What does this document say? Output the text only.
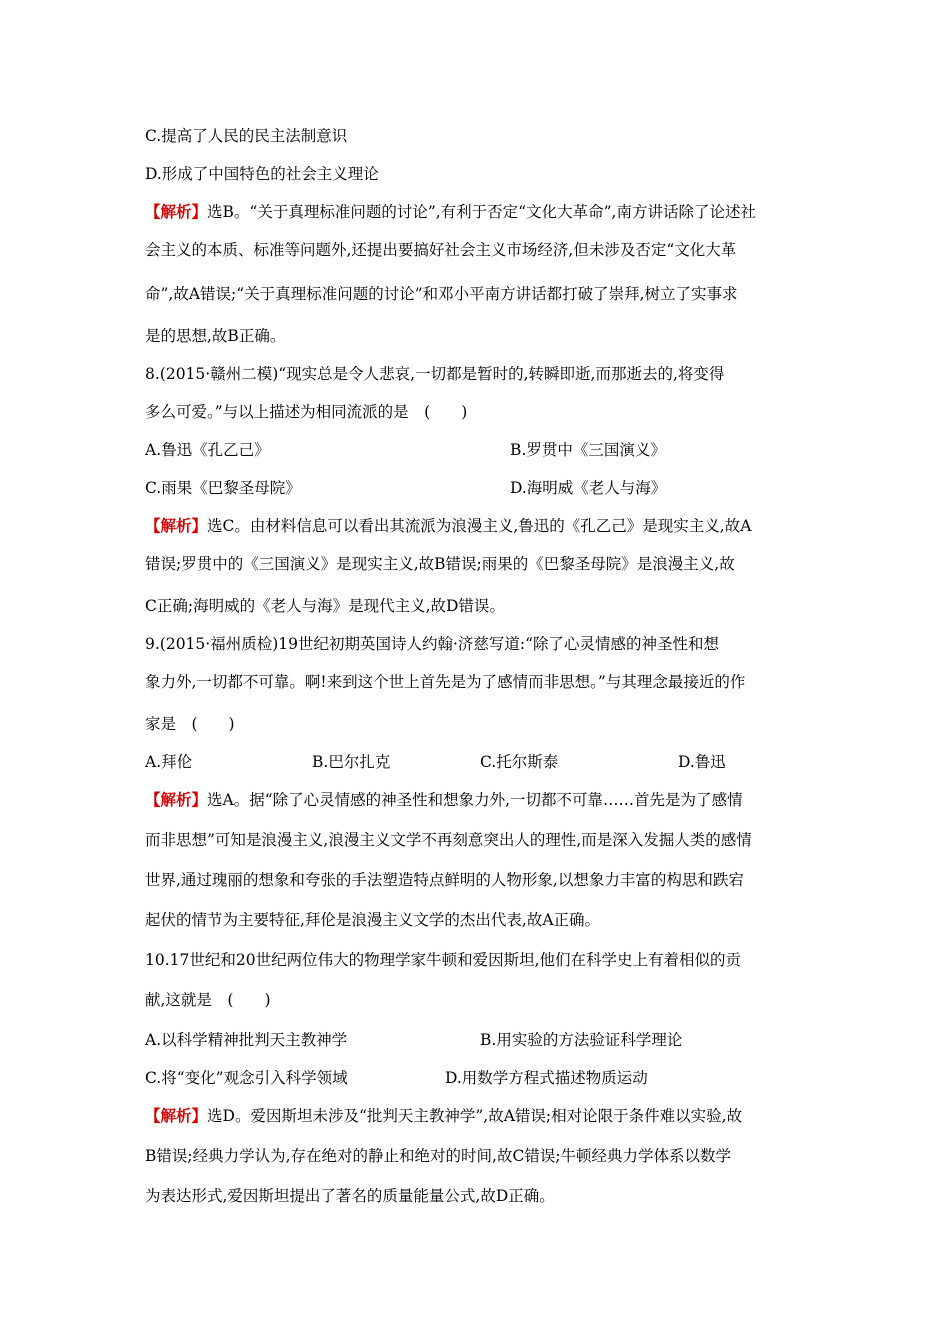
C.提高了人民的民主法制意识
D.形成了中国特色的社会主义理论
【解析】选B。“关于真理标准问题的讨论”,有利于否定“文化大革命”,南方讲话除了论述社
会主义的本质、标准等问题外,还提出要搞好社会主义市场经济,但未涉及否定“文化大革
命”,故A错误;“关于真理标准问题的讨论”和邓小平南方讲话都打破了崇拜,树立了实事求
是的思想,故B正确。
8.(2015·赣州二模)“现实总是令人悲哀,一切都是暂时的,转瞬即逝,而那逝去的,将变得
多么可爱。”与以上描述为相同流派的是　(　　)
A.鲁迅《孔乙己》	B.罗贯中《三国演义》
C.雨果《巴黎圣母院》	D.海明威《老人与海》
【解析】选C。由材料信息可以看出其流派为浪漫主义,鲁迅的《孔乙己》是现实主义,故A
错误;罗贯中的《三国演义》是现实主义,故B错误;雨果的《巴黎圣母院》是浪漫主义,故
C正确;海明威的《老人与海》是现代主义,故D错误。
9.(2015·福州质检)19世纪初期英国诗人约翰·济慈写道:“除了心灵情感的神圣性和想
象力外,一切都不可靠。啊!来到这个世上首先是为了感情而非思想。”与其理念最接近的作
家是　(　　)
A.拜伦	B.巴尔扎克	C.托尔斯泰	D.鲁迅
【解析】选A。据“除了心灵情感的神圣性和想象力外,一切都不可靠……首先是为了感情
而非思想”可知是浪漫主义,浪漫主义文学不再刻意突出人的理性,而是深入发掘人类的感情
世界,通过瑰丽的想象和夸张的手法塑造特点鲜明的人物形象,以想象力丰富的构思和跌宕
起伏的情节为主要特征,拜伦是浪漫主义文学的杰出代表,故A正确。
10.17世纪和20世纪两位伟大的物理学家牛顿和爱因斯坦,他们在科学史上有着相似的贡
献,这就是　(　　)
A.以科学精神批判天主教神学	B.用实验的方法验证科学理论
C.将“变化”观念引入科学领域	D.用数学方程式描述物质运动
【解析】选D。爱因斯坦未涉及“批判天主教神学”,故A错误;相对论限于条件难以实验,故
B错误;经典力学认为,存在绝对的静止和绝对的时间,故C错误;牛顿经典力学体系以数学
为表达形式,爱因斯坦提出了著名的质量能量公式,故D正确。
